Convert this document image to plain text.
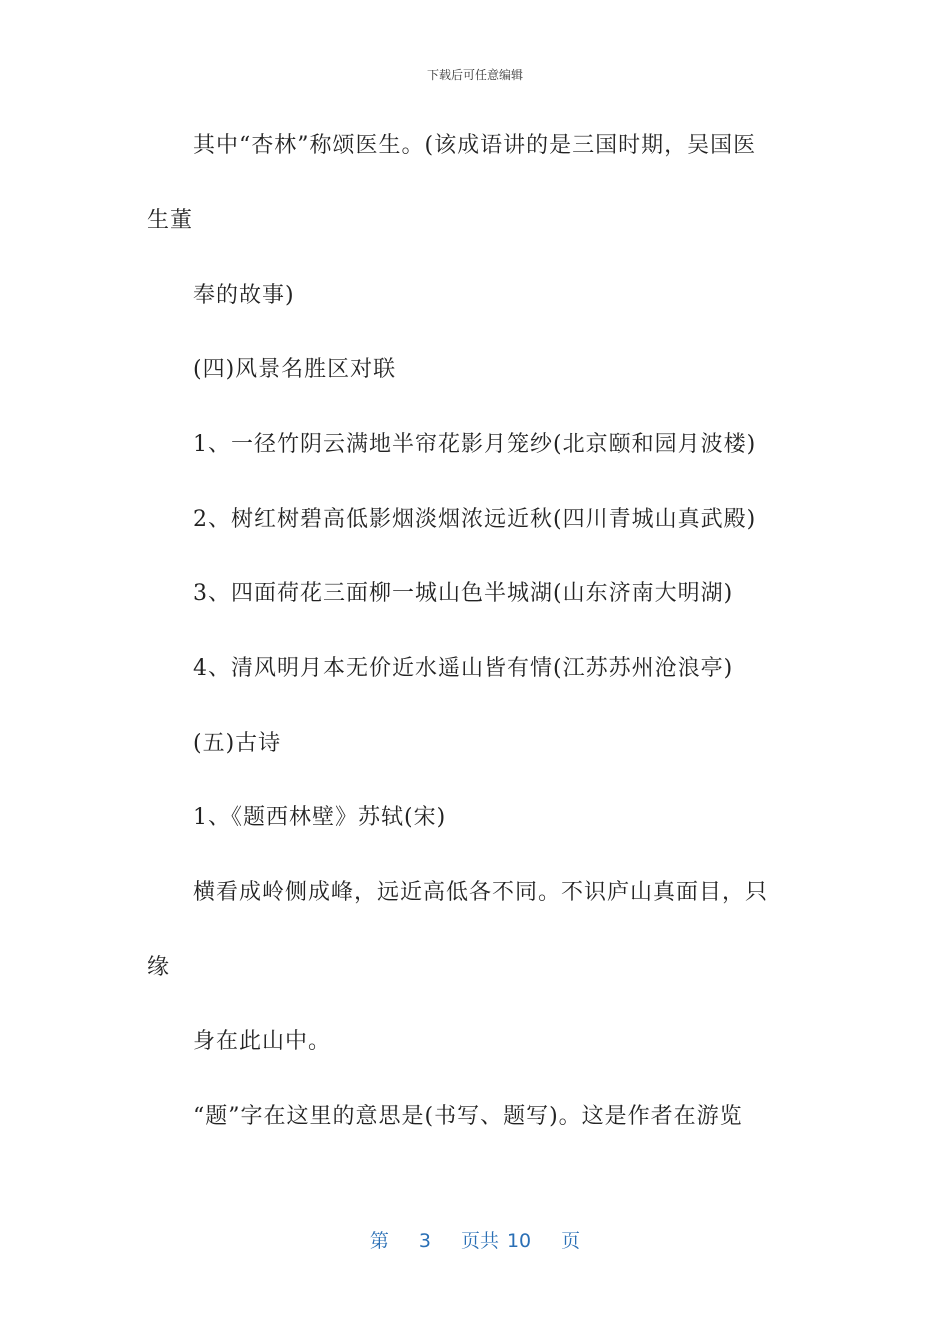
下载后可任意编辑
其中“杏林”称颂医生。(该成语讲的是三国时期，吴国医
生董
奉的故事)
(四)风景名胜区对联
1、一径竹阴云满地半帘花影月笼纱(北京颐和园月波楼)
2、树红树碧高低影烟淡烟浓远近秋(四川青城山真武殿)
3、四面荷花三面柳一城山色半城湖(山东济南大明湖)
4、清风明月本无价近水遥山皆有情(江苏苏州沧浪亭)
(五)古诗
1、《题西林壁》苏轼(宋)
横看成岭侧成峰，远近高低各不同。不识庐山真面目，只
缘
身在此山中。
“题”字在这里的意思是(书写、题写)。这是作者在游览
第 3 页共 10 页
